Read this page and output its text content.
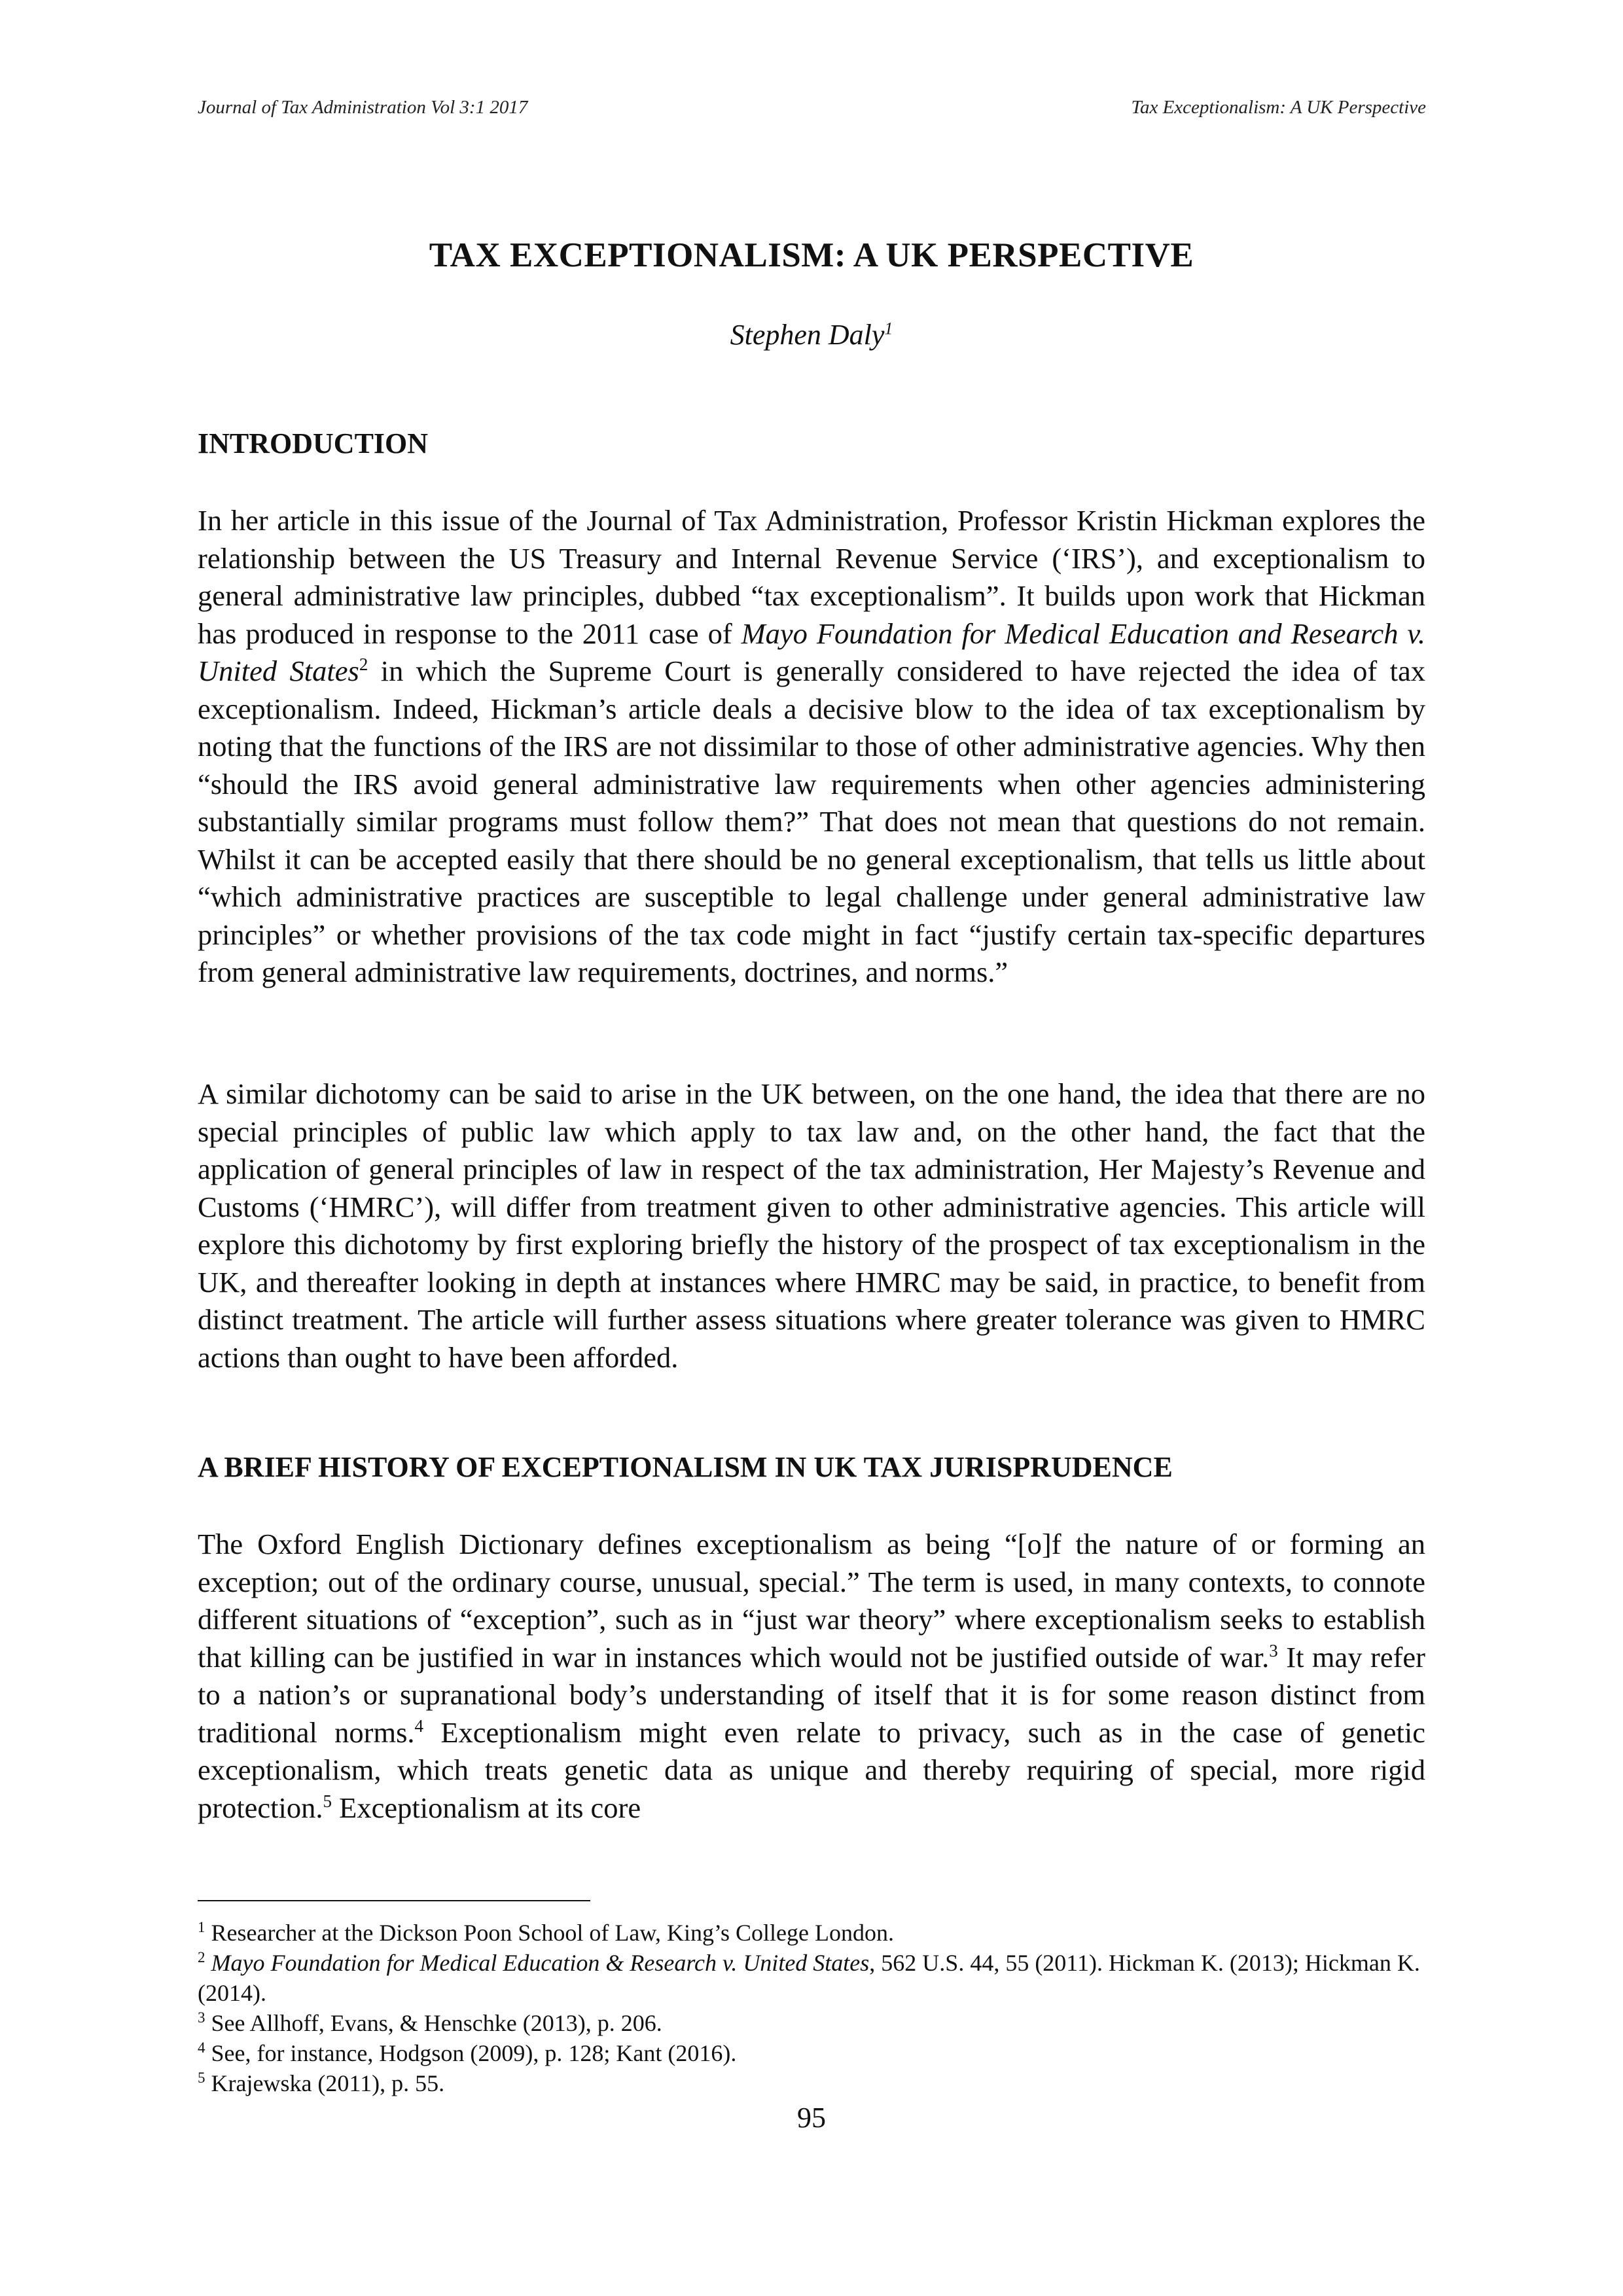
Journal of Tax Administration Vol 3:1 2017	Tax Exceptionalism: A UK Perspective
TAX EXCEPTIONALISM: A UK PERSPECTIVE
Stephen Daly$^1$
INTRODUCTION

In her article in this issue of the Journal of Tax Administration, Professor Kristin Hickman explores the relationship between the US Treasury and Internal Revenue Service (‘IRS’), and exceptionalism to general administrative law principles, dubbed “tax exceptionalism”. It builds upon work that Hickman has produced in response to the 2011 case of Mayo Foundation for Medical Education and Research v. United States$^2$ in which the Supreme Court is generally considered to have rejected the idea of tax exceptionalism. Indeed, Hickman’s article deals a decisive blow to the idea of tax exceptionalism by noting that the functions of the IRS are not dissimilar to those of other administrative agencies. Why then “should the IRS avoid general administrative law requirements when other agencies administering substantially similar programs must follow them?” That does not mean that questions do not remain. Whilst it can be accepted easily that there should be no general exceptionalism, that tells us little about “which administrative practices are susceptible to legal challenge under general administrative law principles” or whether provisions of the tax code might in fact “justify certain tax-specific departures from general administrative law requirements, doctrines, and norms.”

A similar dichotomy can be said to arise in the UK between, on the one hand, the idea that there are no special principles of public law which apply to tax law and, on the other hand, the fact that the application of general principles of law in respect of the tax administration, Her Majesty’s Revenue and Customs (‘HMRC’), will differ from treatment given to other administrative agencies. This article will explore this dichotomy by first exploring briefly the history of the prospect of tax exceptionalism in the UK, and thereafter looking in depth at instances where HMRC may be said, in practice, to benefit from distinct treatment. The article will further assess situations where greater tolerance was given to HMRC actions than ought to have been afforded.

A BRIEF HISTORY OF EXCEPTIONALISM IN UK TAX JURISPRUDENCE

The Oxford English Dictionary defines exceptionalism as being “[o]f the nature of or forming an exception; out of the ordinary course, unusual, special.” The term is used, in many contexts, to connote different situations of “exception”, such as in “just war theory” where exceptionalism seeks to establish that killing can be justified in war in instances which would not be justified outside of war.$^3$ It may refer to a nation’s or supranational body’s understanding of itself that it is for some reason distinct from traditional norms.$^4$ Exceptionalism might even relate to privacy, such as in the case of genetic exceptionalism, which treats genetic data as unique and thereby requiring of special, more rigid protection.$^5$ Exceptionalism at its core

$^1$ Researcher at the Dickson Poon School of Law, King’s College London.

$^2$ Mayo Foundation for Medical Education & Research v. United States, 562 U.S. 44, 55 (2011). Hickman K. (2013); Hickman K. (2014).

$^3$ See Allhoff, Evans, & Henschke (2013), p. 206.

$^4$ See, for instance, Hodgson (2009), p. 128; Kant (2016).

$^5$ Krajewska (2011), p. 55.

95
